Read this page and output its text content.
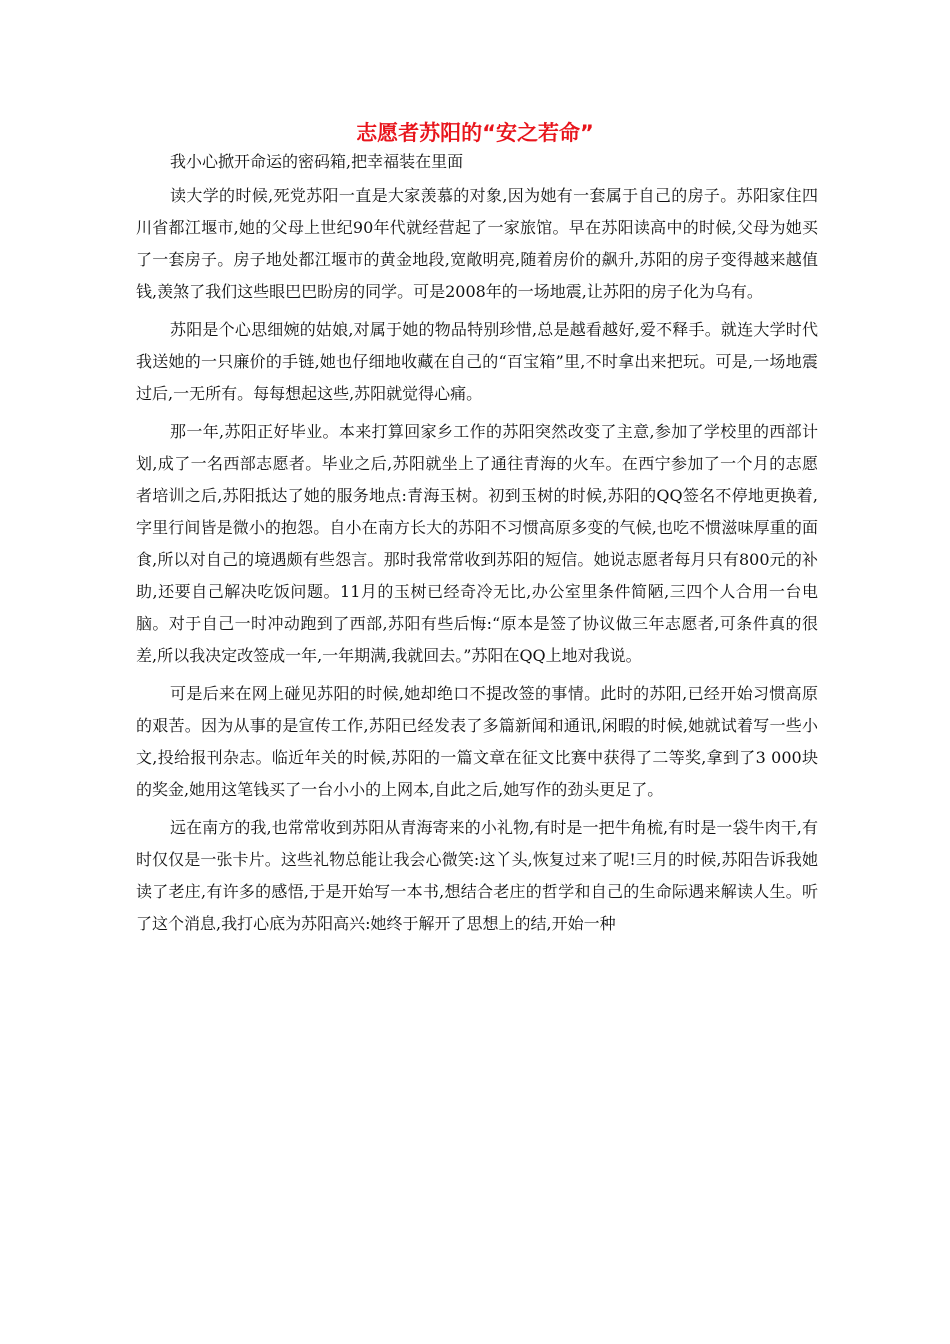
志愿者苏阳的“安之若命”

我小心掀开命运的密码箱,把幸福装在里面

读大学的时候,死党苏阳一直是大家羡慕的对象,因为她有一套属于自己的房子。苏阳家住四川省都江堰市,她的父母上世纪90年代就经营起了一家旅馆。早在苏阳读高中的时候,父母为她买了一套房子。房子地处都江堰市的黄金地段,宽敞明亮,随着房价的飙升,苏阳的房子变得越来越值钱,羡煞了我们这些眼巴巴盼房的同学。可是2008年的一场地震,让苏阳的房子化为乌有。

苏阳是个心思细婉的姑娘,对属于她的物品特别珍惜,总是越看越好,爱不释手。就连大学时代我送她的一只廉价的手链,她也仔细地收藏在自己的“百宝箱”里,不时拿出来把玩。可是,一场地震过后,一无所有。每每想起这些,苏阳就觉得心痛。

那一年,苏阳正好毕业。本来打算回家乡工作的苏阳突然改变了主意,参加了学校里的西部计划,成了一名西部志愿者。毕业之后,苏阳就坐上了通往青海的火车。在西宁参加了一个月的志愿者培训之后,苏阳抵达了她的服务地点:青海玉树。初到玉树的时候,苏阳的QQ签名不停地更换着,字里行间皆是微小的抱怨。自小在南方长大的苏阳不习惯高原多变的气候,也吃不惯滋味厚重的面食,所以对自己的境遇颇有些怨言。那时我常常收到苏阳的短信。她说志愿者每月只有800元的补助,还要自己解决吃饭问题。11月的玉树已经奇冷无比,办公室里条件简陋,三四个人合用一台电脑。对于自己一时冲动跑到了西部,苏阳有些后悔:“原本是签了协议做三年志愿者,可条件真的很差,所以我决定改签成一年,一年期满,我就回去。”苏阳在QQ上地对我说。

可是后来在网上碰见苏阳的时候,她却绝口不提改签的事情。此时的苏阳,已经开始习惯高原的艰苦。因为从事的是宣传工作,苏阳已经发表了多篇新闻和通讯,闲暇的时候,她就试着写一些小文,投给报刊杂志。临近年关的时候,苏阳的一篇文章在征文比赛中获得了二等奖,拿到了3 000块的奖金,她用这笔钱买了一台小小的上网本,自此之后,她写作的劲头更足了。

远在南方的我,也常常收到苏阳从青海寄来的小礼物,有时是一把牛角梳,有时是一袋牛肉干,有时仅仅是一张卡片。这些礼物总能让我会心微笑:这丫头,恢复过来了呢!三月的时候,苏阳告诉我她读了老庄,有许多的感悟,于是开始写一本书,想结合老庄的哲学和自己的生命际遇来解读人生。听了这个消息,我打心底为苏阳高兴:她终于解开了思想上的结,开始一种
